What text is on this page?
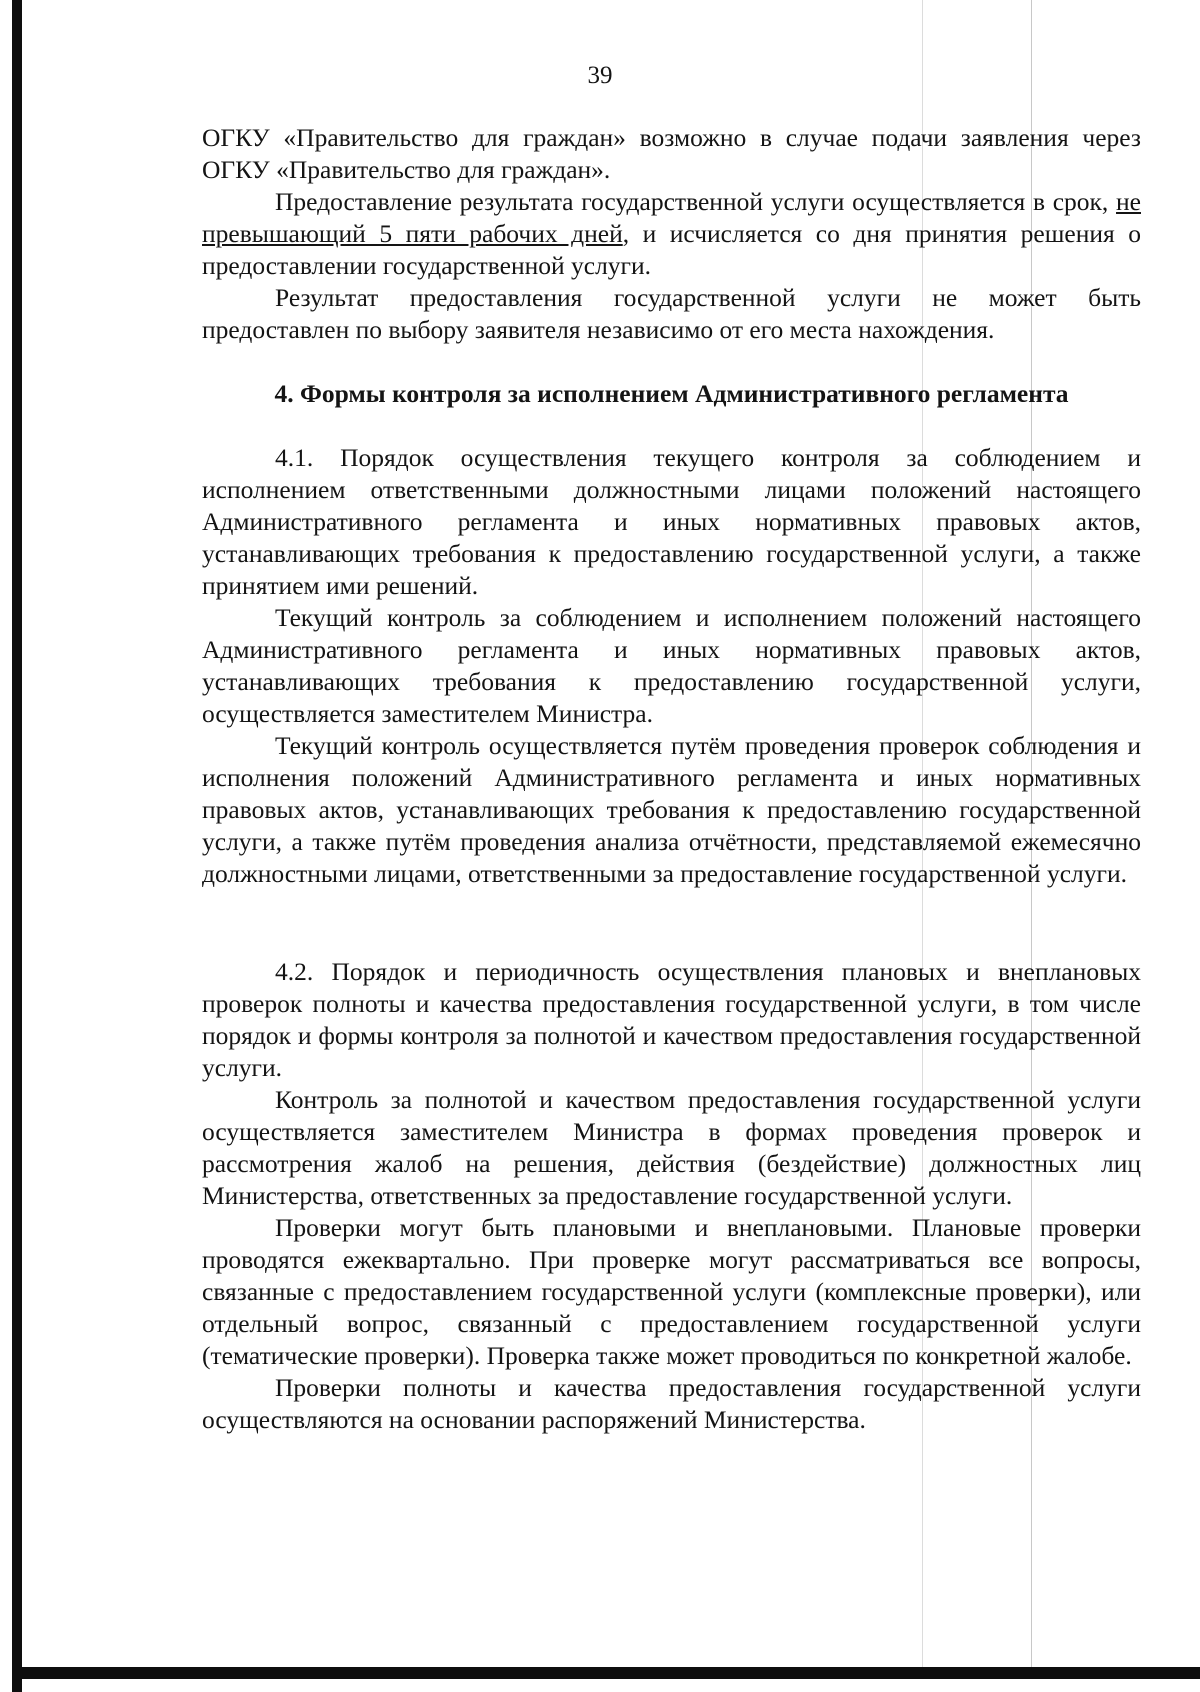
39

ОГКУ «Правительство для граждан» возможно в случае подачи заявления через ОГКУ «Правительство для граждан».

Предоставление результата государственной услуги осуществляется в срок, не превышающий 5 пяти рабочих дней, и исчисляется со дня принятия решения о предоставлении государственной услуги.

Результат предоставления государственной услуги не может быть предоставлен по выбору заявителя независимо от его места нахождения.

4. Формы контроля за исполнением Административного регламента

4.1. Порядок осуществления текущего контроля за соблюдением и исполнением ответственными должностными лицами положений настоящего Административного регламента и иных нормативных правовых актов, устанавливающих требования к предоставлению государственной услуги, а также принятием ими решений.

Текущий контроль за соблюдением и исполнением положений настоящего Административного регламента и иных нормативных правовых актов, устанавливающих требования к предоставлению государственной услуги, осуществляется заместителем Министра.

Текущий контроль осуществляется путём проведения проверок соблюдения и исполнения положений Административного регламента и иных нормативных правовых актов, устанавливающих требования к предоставлению государственной услуги, а также путём проведения анализа отчётности, представляемой ежемесячно должностными лицами, ответственными за предоставление государственной услуги.

4.2. Порядок и периодичность осуществления плановых и внеплановых проверок полноты и качества предоставления государственной услуги, в том числе порядок и формы контроля за полнотой и качеством предоставления государственной услуги.

Контроль за полнотой и качеством предоставления государственной услуги осуществляется заместителем Министра в формах проведения проверок и рассмотрения жалоб на решения, действия (бездействие) должностных лиц Министерства, ответственных за предоставление государственной услуги.

Проверки могут быть плановыми и внеплановыми. Плановые проверки проводятся ежеквартально. При проверке могут рассматриваться все вопросы, связанные с предоставлением государственной услуги (комплексные проверки), или отдельный вопрос, связанный с предоставлением государственной услуги (тематические проверки). Проверка также может проводиться по конкретной жалобе.

Проверки полноты и качества предоставления государственной услуги осуществляются на основании распоряжений Министерства.
